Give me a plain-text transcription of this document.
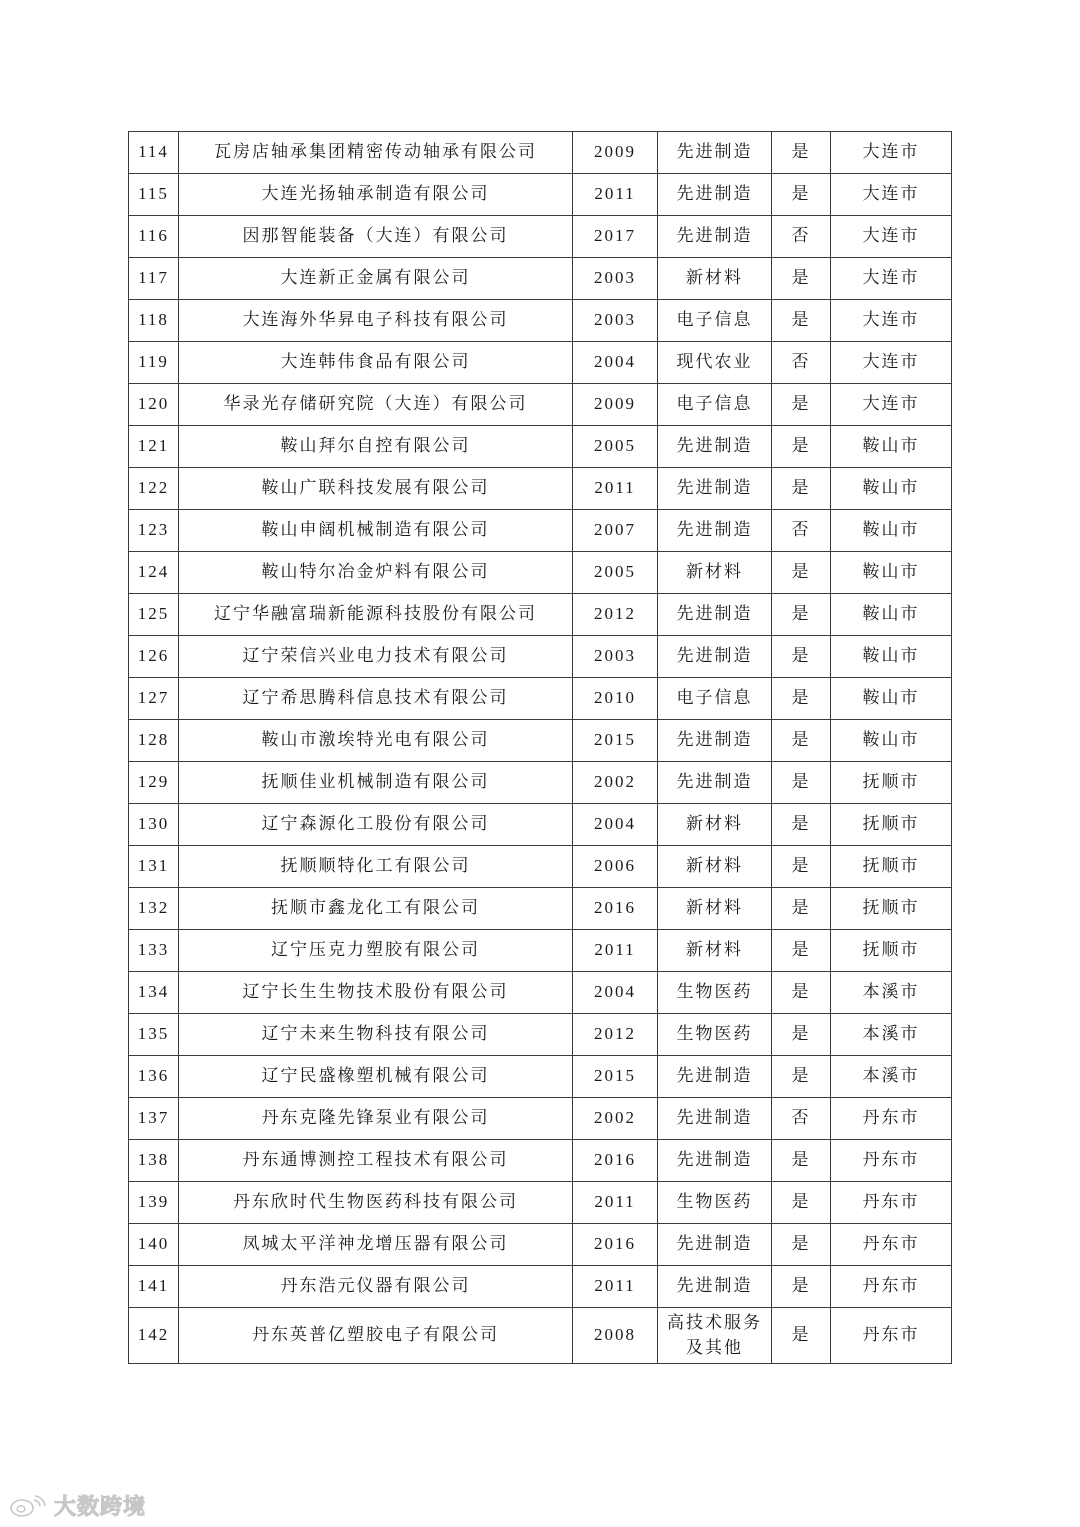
114	瓦房店轴承集团精密传动轴承有限公司	2009	先进制造	是	大连市
115	大连光扬轴承制造有限公司	2011	先进制造	是	大连市
116	因那智能装备（大连）有限公司	2017	先进制造	否	大连市
117	大连新正金属有限公司	2003	新材料	是	大连市
118	大连海外华昇电子科技有限公司	2003	电子信息	是	大连市
119	大连韩伟食品有限公司	2004	现代农业	否	大连市
120	华录光存储研究院（大连）有限公司	2009	电子信息	是	大连市
121	鞍山拜尔自控有限公司	2005	先进制造	是	鞍山市
122	鞍山广联科技发展有限公司	2011	先进制造	是	鞍山市
123	鞍山申阔机械制造有限公司	2007	先进制造	否	鞍山市
124	鞍山特尔冶金炉料有限公司	2005	新材料	是	鞍山市
125	辽宁华融富瑞新能源科技股份有限公司	2012	先进制造	是	鞍山市
126	辽宁荣信兴业电力技术有限公司	2003	先进制造	是	鞍山市
127	辽宁希思腾科信息技术有限公司	2010	电子信息	是	鞍山市
128	鞍山市激埃特光电有限公司	2015	先进制造	是	鞍山市
129	抚顺佳业机械制造有限公司	2002	先进制造	是	抚顺市
130	辽宁森源化工股份有限公司	2004	新材料	是	抚顺市
131	抚顺顺特化工有限公司	2006	新材料	是	抚顺市
132	抚顺市鑫龙化工有限公司	2016	新材料	是	抚顺市
133	辽宁压克力塑胶有限公司	2011	新材料	是	抚顺市
134	辽宁长生生物技术股份有限公司	2004	生物医药	是	本溪市
135	辽宁未来生物科技有限公司	2012	生物医药	是	本溪市
136	辽宁民盛橡塑机械有限公司	2015	先进制造	是	本溪市
137	丹东克隆先锋泵业有限公司	2002	先进制造	否	丹东市
138	丹东通博测控工程技术有限公司	2016	先进制造	是	丹东市
139	丹东欣时代生物医药科技有限公司	2011	生物医药	是	丹东市
140	凤城太平洋神龙增压器有限公司	2016	先进制造	是	丹东市
141	丹东浩元仪器有限公司	2011	先进制造	是	丹东市
142	丹东英普亿塑胶电子有限公司	2008	高技术服务及其他	是	丹东市
大数跨境
